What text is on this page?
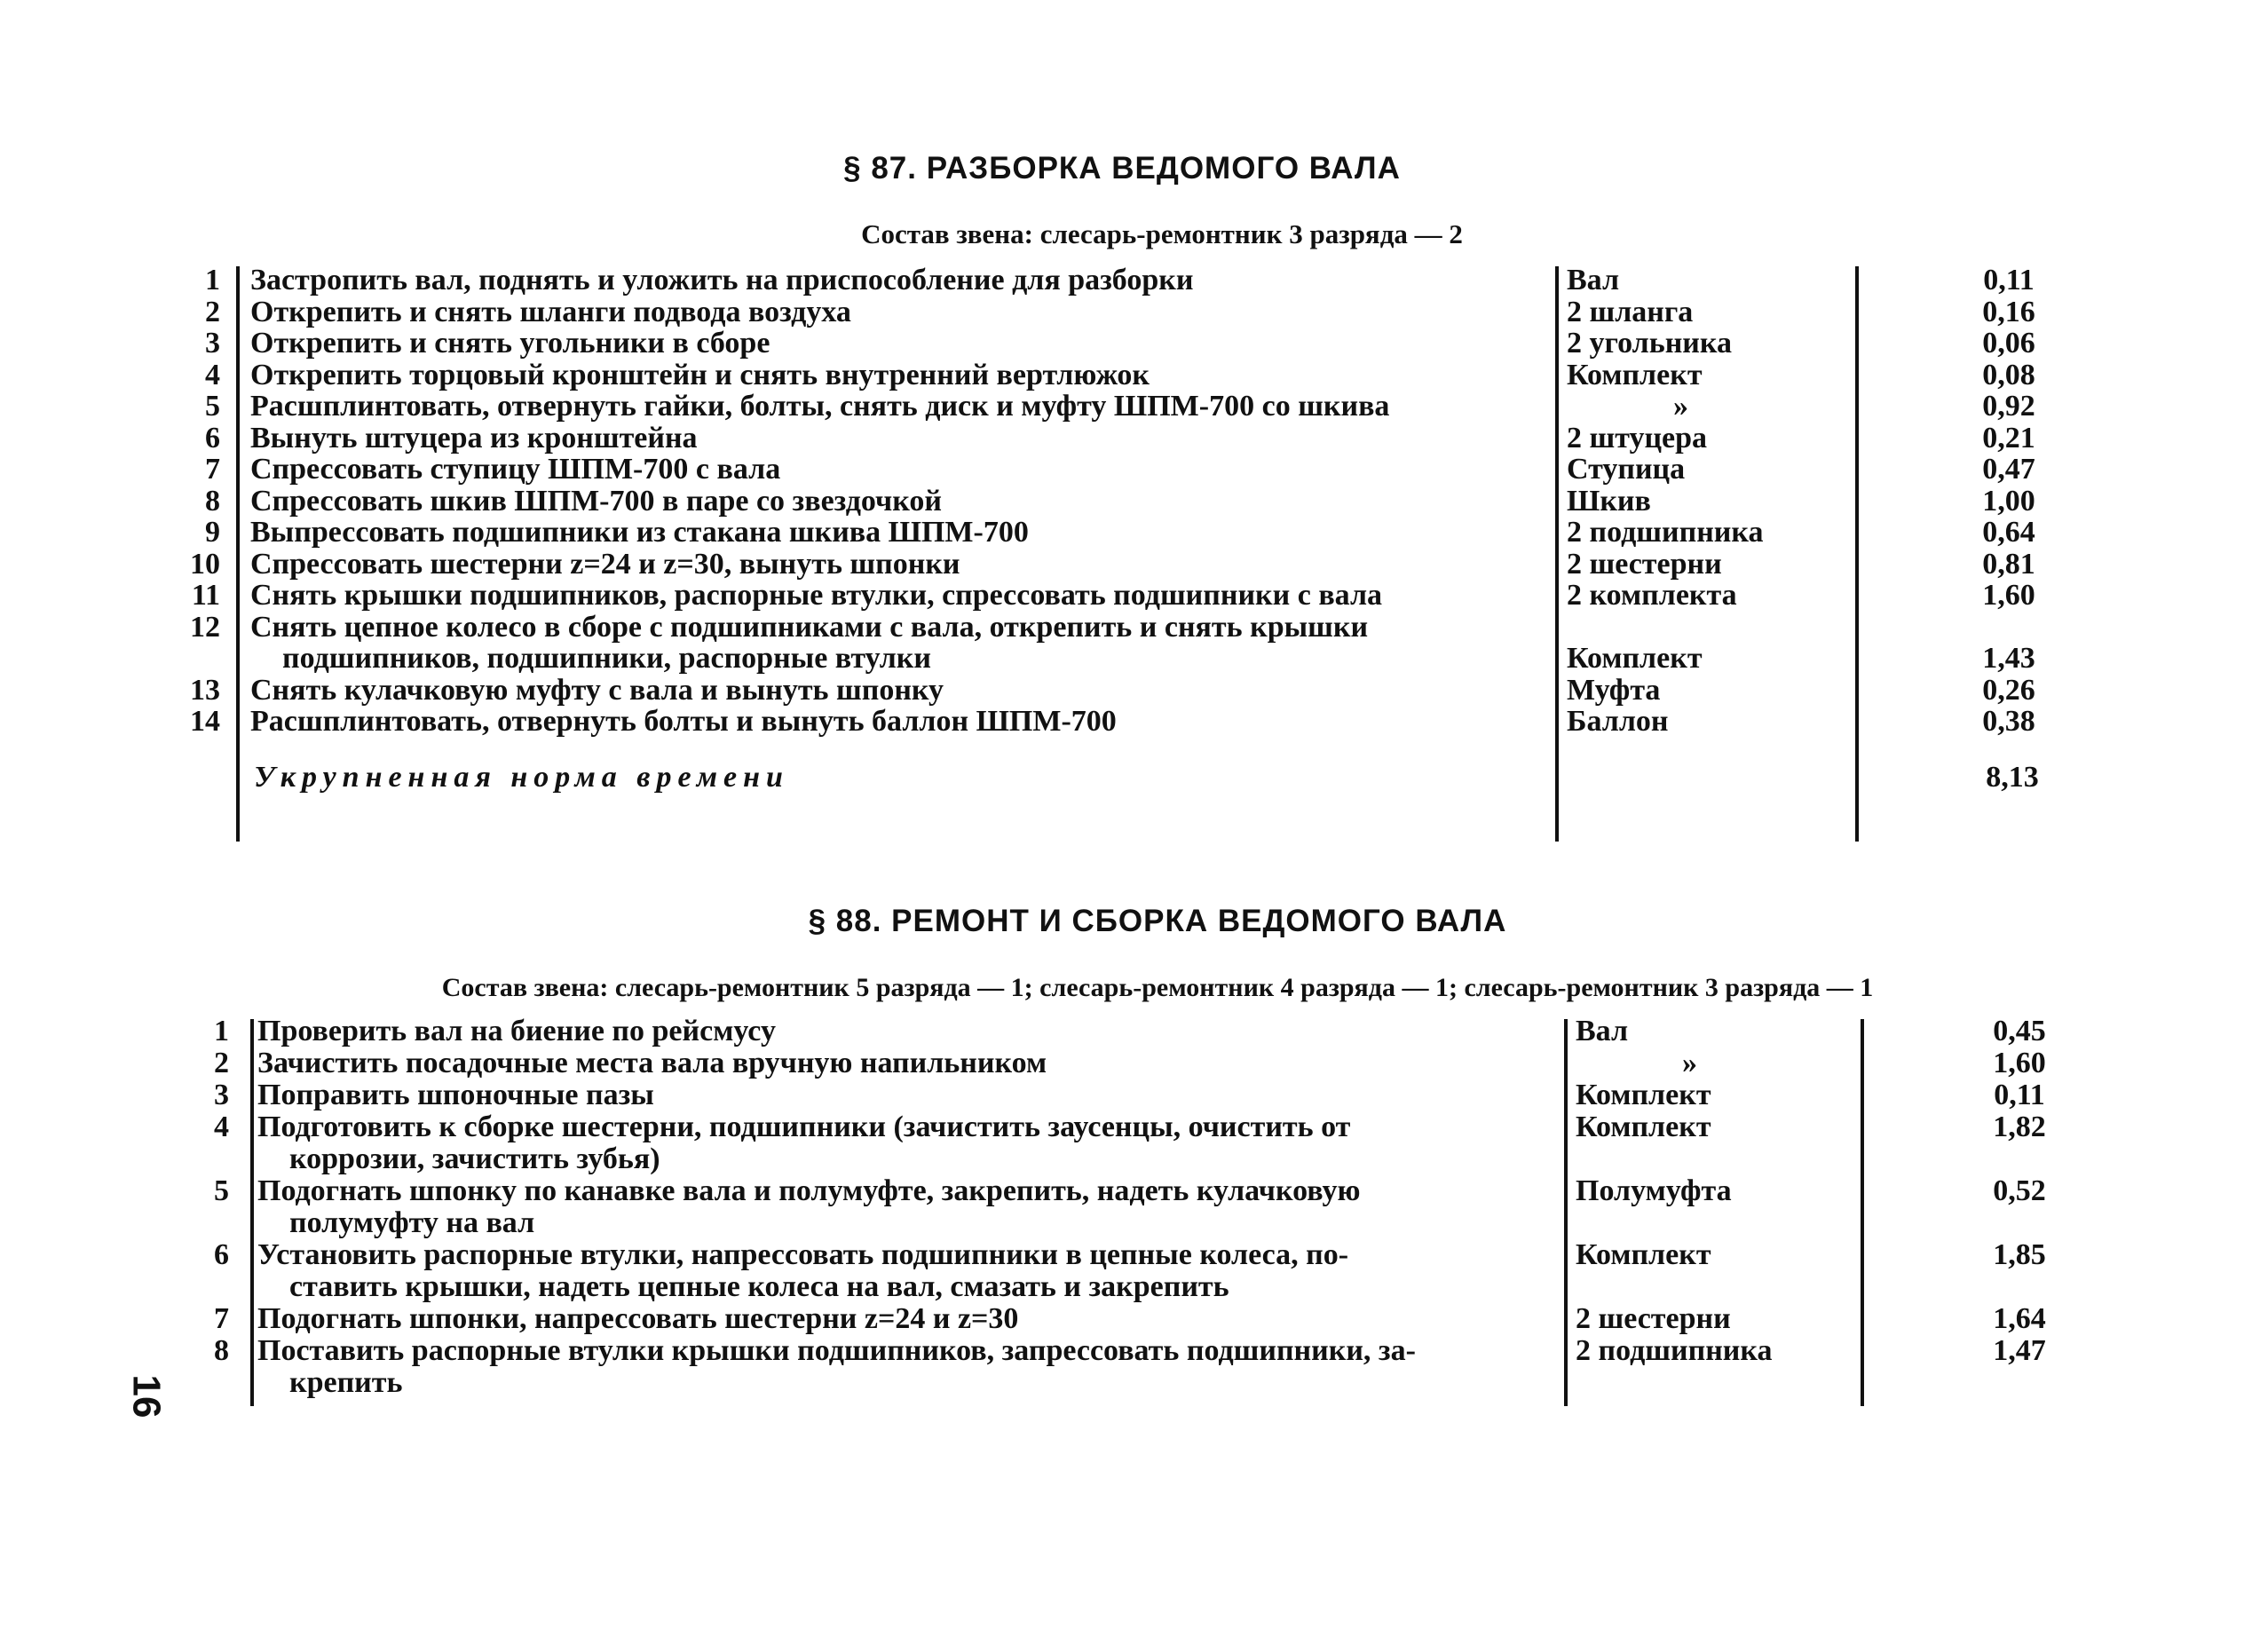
§ 87. РАЗБОРКА ВЕДОМОГО ВАЛА
Состав звена: слесарь-ремонтник 3 разряда — 2
1 Застропить вал, поднять и уложить на приспособление для разборки	Вал	0,11
2 Открепить и снять шланги подвода воздуха	2 шланга	0,16
3 Открепить и снять угольники в сборе	2 угольника	0,06
4 Открепить торцовый кронштейн и снять внутренний вертлюжок	Комплект	0,08
5 Расшплинтовать, отвернуть гайки, болты, снять диск и муфту ШПМ-700 со шкива	»	0,92
6 Вынуть штуцера из кронштейна	2 штуцера	0,21
7 Спрессовать ступицу ШПМ-700 с вала	Ступица	0,47
8 Спрессовать шкив ШПМ-700 в паре со звездочкой	Шкив	1,00
9 Выпрессовать подшипники из стакана шкива ШПМ-700	2 подшипника	0,64
10 Спрессовать шестерни z=24 и z=30, вынуть шпонки	2 шестерни	0,81
11 Снять крышки подшипников, распорные втулки, спрессовать подшипники с вала	2 комплекта	1,60
12 Снять цепное колесо в сборе с подшипниками с вала, открепить и снять крышки
подшипников, подшипники, распорные втулки	Комплект	1,43
13 Снять кулачковую муфту с вала и вынуть шпонку	Муфта	0,26
14 Расшплинтовать, отвернуть болты и вынуть баллон ШПМ-700	Баллон	0,38
Укрупненная норма времени	8,13
§ 88. РЕМОНТ И СБОРКА ВЕДОМОГО ВАЛА
Состав звена: слесарь-ремонтник 5 разряда — 1; слесарь-ремонтник 4 разряда — 1; слесарь-ремонтник 3 разряда — 1
1 Проверить вал на биение по рейсмусу	Вал	0,45
2 Зачистить посадочные места вала вручную напильником	»	1,60
3 Поправить шпоночные пазы	Комплект	0,11
4 Подготовить к сборке шестерни, подшипники (зачистить заусенцы, очистить от
коррозии, зачистить зубья)
Комплект	1,82
5 Подогнать шпонку по канавке вала и полумуфте, закрепить, надеть кулачковую
полумуфту на вал
Полумуфта	0,52
6 Установить распорные втулки, напрессовать подшипники в цепные колеса, по-
ставить крышки, надеть цепные колеса на вал, смазать и закрепить
Комплект	1,85
7 Подогнать шпонки, напрессовать шестерни z=24 и z=30	2 шестерни	1,64
8 Поставить распорные втулки крышки подшипников, запрессовать подшипники, за-
крепить
2 подшипника	1,47
16
